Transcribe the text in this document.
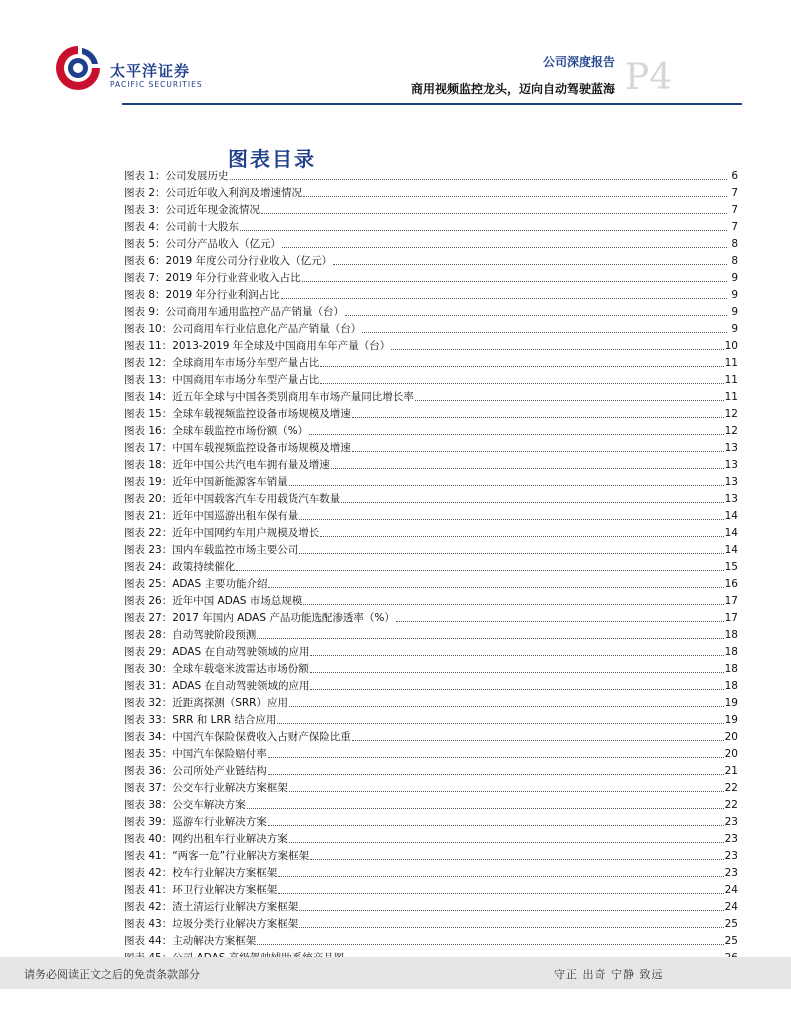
太平洋证券
PACIFIC SECURITIES
公司深度报告
商用视频监控龙头，迈向自动驾驶蓝海 P4
图表目录
图表 1：公司发展历史	6
图表 2：公司近年收入利润及增速情况	7
图表 3：公司近年现金流情况	7
图表 4：公司前十大股东	7
图表 5：公司分产品收入（亿元）	8
图表 6：2019 年度公司分行业收入（亿元）	8
图表 7：2019 年分行业营业收入占比	9
图表 8：2019 年分行业利润占比	9
图表 9：公司商用车通用监控产品产销量（台）	9
图表 10：公司商用车行业信息化产品产销量（台）	9
图表 11：2013-2019 年全球及中国商用车年产量（台）	10
图表 12：全球商用车市场分车型产量占比	11
图表 13：中国商用车市场分车型产量占比	11
图表 14：近五年全球与中国各类别商用车市场产量同比增长率	11
图表 15：全球车载视频监控设备市场规模及增速	12
图表 16：全球车载监控市场份额（%）	12
图表 17：中国车载视频监控设备市场规模及增速	13
图表 18：近年中国公共汽电车拥有量及增速	13
图表 19：近年中国新能源客车销量	13
图表 20：近年中国载客汽车专用载货汽车数量	13
图表 21：近年中国巡游出租车保有量	14
图表 22：近年中国网约车用户规模及增长	14
图表 23：国内车载监控市场主要公司	14
图表 24：政策持续催化	15
图表 25：ADAS 主要功能介绍	16
图表 26：近年中国 ADAS 市场总规模	17
图表 27：2017 年国内 ADAS 产品功能选配渗透率（%）	17
图表 28：自动驾驶阶段预测	18
图表 29：ADAS 在自动驾驶领域的应用	18
图表 30：全球车载毫米波雷达市场份额	18
图表 31：ADAS 在自动驾驶领域的应用	18
图表 32：近距离探测（SRR）应用	19
图表 33：SRR 和 LRR 结合应用	19
图表 34：中国汽车保险保费收入占财产保险比重	20
图表 35：中国汽车保险赔付率	20
图表 36：公司所处产业链结构	21
图表 37：公交车行业解决方案框架	22
图表 38：公交车解决方案	22
图表 39：巡游车行业解决方案	23
图表 40：网约出租车行业解决方案	23
图表 41：“两客一危”行业解决方案框架	23
图表 42：校车行业解决方案框架	23
图表 41：环卫行业解决方案框架	24
图表 42：渣土清运行业解决方案框架	24
图表 43：垃圾分类行业解决方案框架	25
图表 44：主动解决方案框架	25
请务必阅读正文之后的免责条款部分	守正 出奇 宁静 致远
